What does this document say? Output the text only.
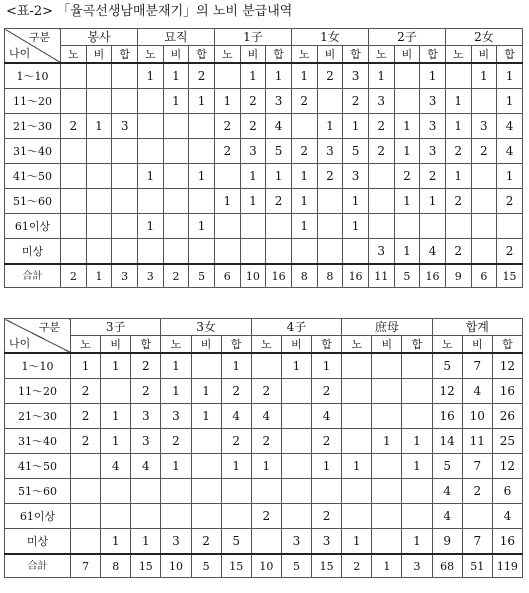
<표-2> 「율곡선생남매분재기」의 노비 분급내역
구분
나이	봉사			묘직			1子			1女			2子			2女		
	노	비	합	노	비	합	노	비	합	노	비	합	노	비	합	노	비	합
1～10				1	1	2		1	1	1	2	3	1		1		1	1
11～20					1	1	1	2	3	2		2	3		3	1		1
21～30	2	1	3				2	2	4		1	1	2	1	3	1	3	4
31～40							2	3	5	2	3	5	2	1	3	2	2	4
41～50				1		1		1	1	1	2	3		2	2	1		1
51～60							1	1	2	1		1		1	1	2		2
61이상				1		1				1		1						
미상													3	1	4	2		2
合計	2	1	3	3	2	5	6	10	16	8	8	16	11	5	16	9	6	15
구분
나이	3子			3女			4子			庶母			합계		
	노	비	합	노	비	합	노	비	합	노	비	합	노	비	합
1～10	1	1	2	1		1		1	1				5	7	12
11～20	2		2	1	1	2	2		2				12	4	16
21～30	2	1	3	3	1	4	4		4				16	10	26
31～40	2	1	3	2		2	2		2		1	1	14	11	25
41～50		4	4	1		1	1		1	1		1	5	7	12
51～60													4	2	6
61이상							2		2				4		4
미상		1	1	3	2	5		3	3	1		1	9	7	16
合計	7	8	15	10	5	15	10	5	15	2	1	3	68	51	119
